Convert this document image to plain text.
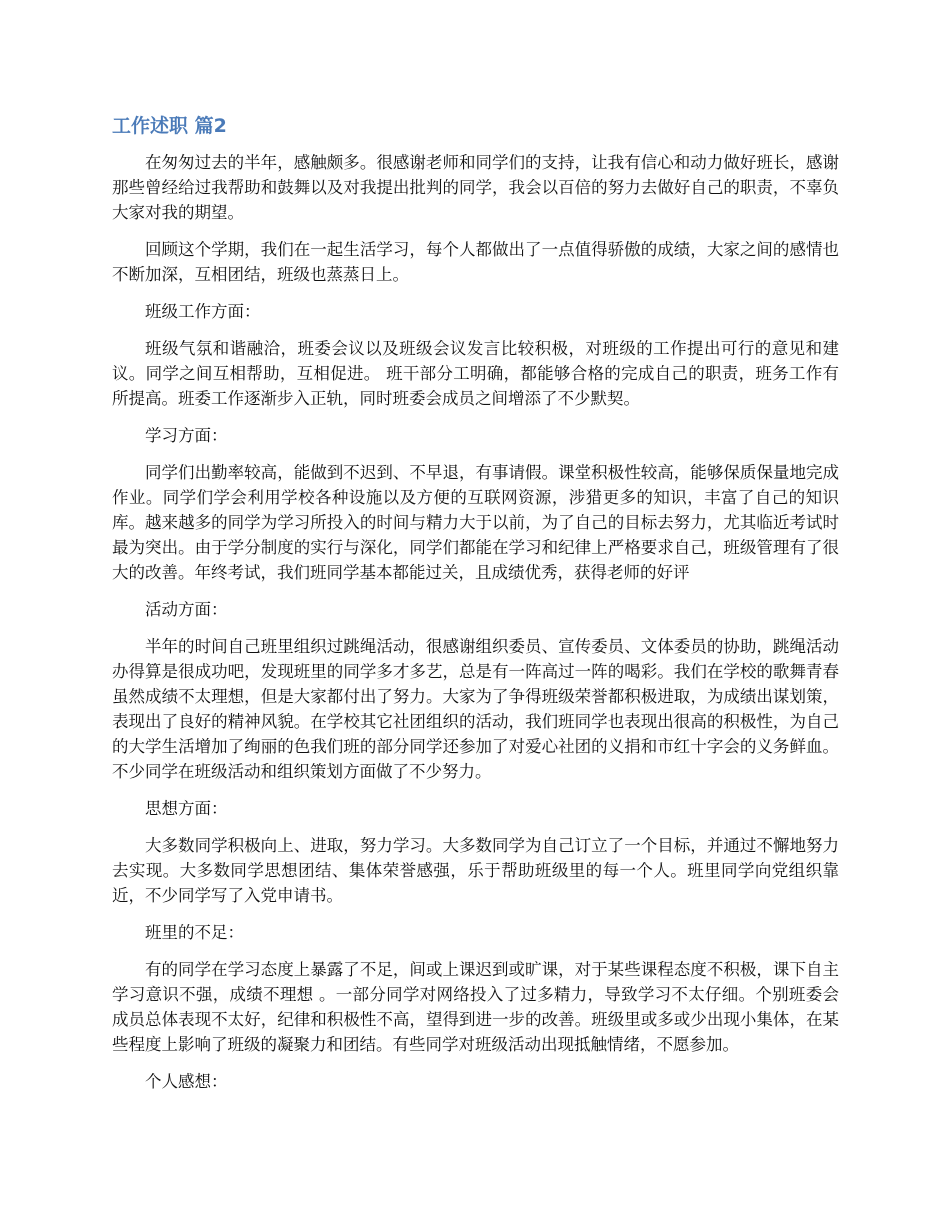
工作述职 篇2

在匆匆过去的半年，感触颇多。很感谢老师和同学们的支持，让我有信心和动力做好班长，感谢那些曾经给过我帮助和鼓舞以及对我提出批判的同学，我会以百倍的努力去做好自己的职责，不辜负大家对我的期望。

回顾这个学期，我们在一起生活学习，每个人都做出了一点值得骄傲的成绩，大家之间的感情也不断加深，互相团结，班级也蒸蒸日上。

班级工作方面：

班级气氛和谐融洽，班委会议以及班级会议发言比较积极，对班级的工作提出可行的意见和建议。同学之间互相帮助，互相促进。 班干部分工明确，都能够合格的完成自己的职责，班务工作有所提高。班委工作逐渐步入正轨，同时班委会成员之间增添了不少默契。

学习方面：

同学们出勤率较高，能做到不迟到、不早退，有事请假。课堂积极性较高，能够保质保量地完成作业。同学们学会利用学校各种设施以及方便的互联网资源，涉猎更多的知识，丰富了自己的知识库。越来越多的同学为学习所投入的时间与精力大于以前，为了自己的目标去努力，尤其临近考试时最为突出。由于学分制度的实行与深化，同学们都能在学习和纪律上严格要求自己，班级管理有了很大的改善。年终考试，我们班同学基本都能过关，且成绩优秀，获得老师的好评

活动方面：

半年的时间自己班里组织过跳绳活动，很感谢组织委员、宣传委员、文体委员的协助，跳绳活动办得算是很成功吧，发现班里的同学多才多艺，总是有一阵高过一阵的喝彩。我们在学校的歌舞青春虽然成绩不太理想，但是大家都付出了努力。大家为了争得班级荣誉都积极进取，为成绩出谋划策，表现出了良好的精神风貌。在学校其它社团组织的活动，我们班同学也表现出很高的积极性，为自己的大学生活增加了绚丽的色我们班的部分同学还参加了对爱心社团的义捐和市红十字会的义务鲜血。不少同学在班级活动和组织策划方面做了不少努力。

思想方面：

大多数同学积极向上、进取，努力学习。大多数同学为自己订立了一个目标，并通过不懈地努力去实现。大多数同学思想团结、集体荣誉感强，乐于帮助班级里的每一个人。班里同学向党组织靠近，不少同学写了入党申请书。

班里的不足：

有的同学在学习态度上暴露了不足，间或上课迟到或旷课，对于某些课程态度不积极，课下自主学习意识不强，成绩不理想 。一部分同学对网络投入了过多精力，导致学习不太仔细。个别班委会成员总体表现不太好，纪律和积极性不高，望得到进一步的改善。班级里或多或少出现小集体，在某些程度上影响了班级的凝聚力和团结。有些同学对班级活动出现抵触情绪，不愿参加。

个人感想：
